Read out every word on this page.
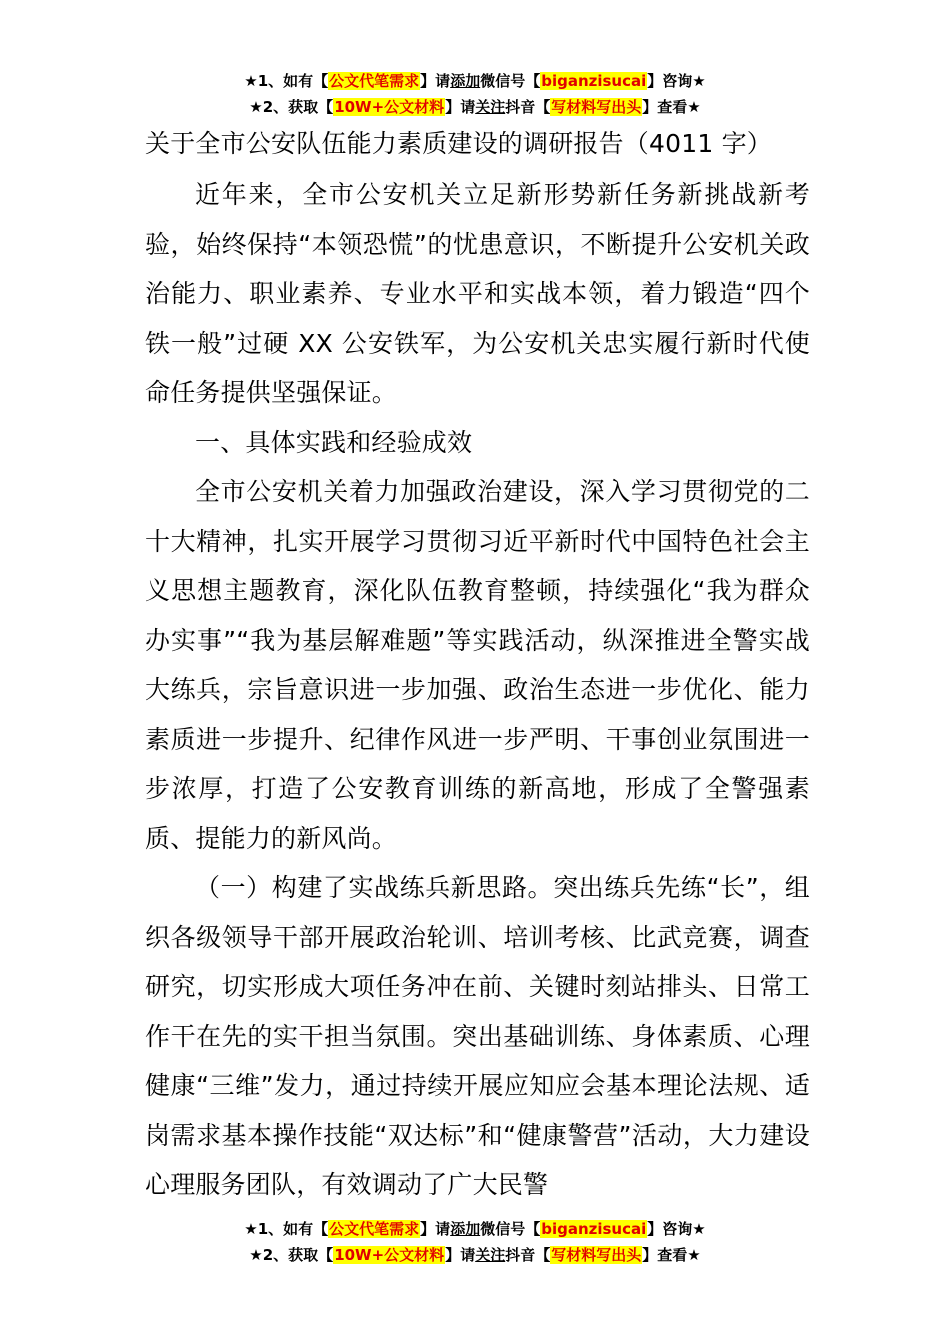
★1、如有【公文代笔需求】请添加微信号【biganzisucai】咨询★
★2、获取【10W+公文材料】请关注抖音【写材料写出头】查看★
关于全市公安队伍能力素质建设的调研报告（4011 字）

近年来，全市公安机关立足新形势新任务新挑战新考验，始终保持“本领恐慌”的忧患意识，不断提升公安机关政治能力、职业素养、专业水平和实战本领，着力锻造“四个铁一般”过硬 XX 公安铁军，为公安机关忠实履行新时代使命任务提供坚强保证。

一、具体实践和经验成效

全市公安机关着力加强政治建设，深入学习贯彻党的二十大精神，扎实开展学习贯彻习近平新时代中国特色社会主义思想主题教育，深化队伍教育整顿，持续强化“我为群众办实事”“我为基层解难题”等实践活动，纵深推进全警实战大练兵，宗旨意识进一步加强、政治生态进一步优化、能力素质进一步提升、纪律作风进一步严明、干事创业氛围进一步浓厚，打造了公安教育训练的新高地，形成了全警强素质、提能力的新风尚。

（一）构建了实战练兵新思路。突出练兵先练“长”，组织各级领导干部开展政治轮训、培训考核、比武竞赛，调查研究，切实形成大项任务冲在前、关键时刻站排头、日常工作干在先的实干担当氛围。突出基础训练、身体素质、心理健康“三维”发力，通过持续开展应知应会基本理论法规、适岗需求基本操作技能“双达标”和“健康警营”活动，大力建设心理服务团队，有效调动了广大民警

★1、如有【公文代笔需求】请添加微信号【biganzisucai】咨询★
★2、获取【10W+公文材料】请关注抖音【写材料写出头】查看★
